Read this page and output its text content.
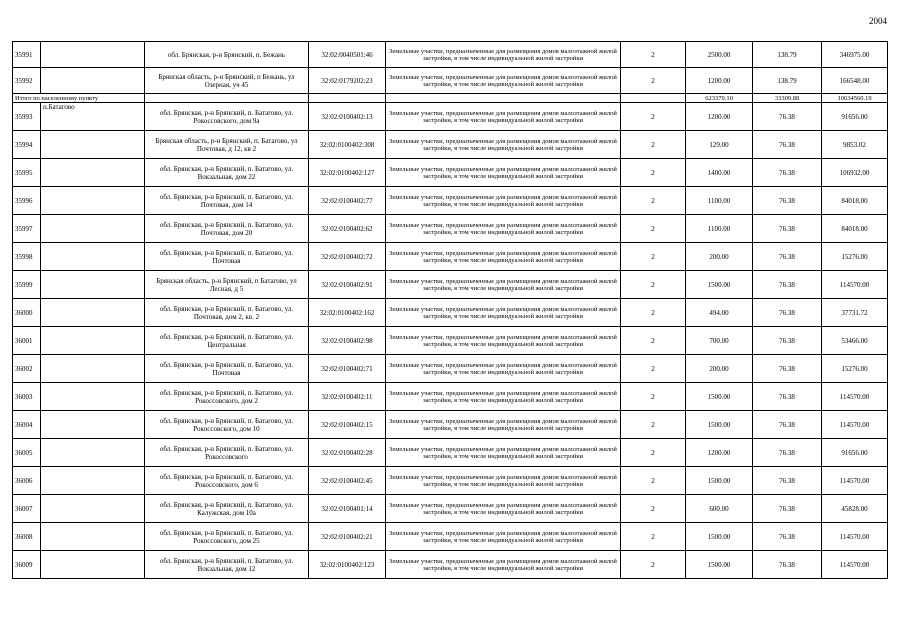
2004
35991		обл. Брянская, р-н Брянский, п. Бежань	32:02:0040501:46	Земельные участки, предназначенные для размещения домов малоэтажной жилой застройки, в том числе индивидуальной жилой застройки	2	2500.00	138.79	346975.00
35992		Брянская область, р-н Брянский, п Бежань, ул Озерная, уч 45	32:02:0179202:23	Земельные участки, предназначенные для размещения домов малоэтажной жилой застройки, в том числе индивидуальной жилой застройки	2	1200.00	138.79	166548.00
Итого по населенному пункту						623370.10	33309.88	10634560.19
35993	п.Батагово	обл. Брянская, р-н Брянский, п. Батагово, ул. Рокоссовского, дом 9а	32:02:0100402:13	Земельные участки, предназначенные для размещения домов малоэтажной жилой застройки, в том числе индивидуальной жилой застройки	2	1200.00	76.38	91656.00
35994		Брянская область, р-н Брянский, п. Батагово, ул Почтовая, д 12, кв 2	32:02:0100402:308	Земельные участки, предназначенные для размещения домов малоэтажной жилой застройки, в том числе индивидуальной жилой застройки	2	129.00	76.38	9853.02
35995		обл. Брянская, р-н Брянский, п. Батагово, ул. Вокзальная, дом 22	32:02:0100402:127	Земельные участки, предназначенные для размещения домов малоэтажной жилой застройки, в том числе индивидуальной жилой застройки	2	1400.00	76.38	106932.00
35996		обл. Брянская, р-н Брянский, п. Батагово, ул. Почтовая, дом 14	32:02:0100402:77	Земельные участки, предназначенные для размещения домов малоэтажной жилой застройки, в том числе индивидуальной жилой застройки	2	1100.00	76.38	84018.00
35997		обл. Брянская, р-н Брянский, п. Батагово, ул. Почтовая, дом 20	32:02:0100402:62	Земельные участки, предназначенные для размещения домов малоэтажной жилой застройки, в том числе индивидуальной жилой застройки	2	1100.00	76.38	84018.00
35998		обл. Брянская, р-н Брянский, п. Батагово, ул. Почтовая	32:02:0100402:72	Земельные участки, предназначенные для размещения домов малоэтажной жилой застройки, в том числе индивидуальной жилой застройки	2	200.00	76.38	15276.00
35999		Брянская область, р-н Брянский, п Батагово, ул Лесная, д 5	32:02:0100402:91	Земельные участки, предназначенные для размещения домов малоэтажной жилой застройки, в том числе индивидуальной жилой застройки	2	1500.00	76.38	114570.00
36000		обл. Брянская, р-н Брянский, п. Батагово, ул. Почтовая, дом 2, кв. 2	32:02:0100402:162	Земельные участки, предназначенные для размещения домов малоэтажной жилой застройки, в том числе индивидуальной жилой застройки	2	494.00	76.38	37731.72
36001		обл. Брянская, р-н Брянский, п. Батагово, ул. Центральная	32:02:0100402:98	Земельные участки, предназначенные для размещения домов малоэтажной жилой застройки, в том числе индивидуальной жилой застройки	2	700.00	76.38	53466.00
36002		обл. Брянская, р-н Брянский, п. Батагово, ул. Почтовая	32:02:0100402:71	Земельные участки, предназначенные для размещения домов малоэтажной жилой застройки, в том числе индивидуальной жилой застройки	2	200.00	76.38	15276.00
36003		обл. Брянская, р-н Брянский, п. Батагово, ул. Рокоссовского, дом 2	32:02:0100402:11	Земельные участки, предназначенные для размещения домов малоэтажной жилой застройки, в том числе индивидуальной жилой застройки	2	1500.00	76.38	114570.00
36004		обл. Брянская, р-н Брянский, п. Батагово, ул. Рокоссовского, дом 10	32:02:0100402:15	Земельные участки, предназначенные для размещения домов малоэтажной жилой застройки, в том числе индивидуальной жилой застройки	2	1500.00	76.38	114570.00
36005		обл. Брянская, р-н Брянский, п. Батагово, ул. Рокоссовского	32:02:0100402:28	Земельные участки, предназначенные для размещения домов малоэтажной жилой застройки, в том числе индивидуальной жилой застройки	2	1200.00	76.38	91656.00
36006		обл. Брянская, р-н Брянский, п. Батагово, ул. Рокоссовского, дом 6	32:02:0100402:45	Земельные участки, предназначенные для размещения домов малоэтажной жилой застройки, в том числе индивидуальной жилой застройки	2	1500.00	76.38	114570.00
36007		обл. Брянская, р-н Брянский, п. Батагово, ул. Калужская, дом 10а	32:02:0100401:14	Земельные участки, предназначенные для размещения домов малоэтажной жилой застройки, в том числе индивидуальной жилой застройки	2	600.00	76.38	45828.00
36008		обл. Брянская, р-н Брянский, п. Батагово, ул. Рокоссовского, дом 25	32:02:0100402:21	Земельные участки, предназначенные для размещения домов малоэтажной жилой застройки, в том числе индивидуальной жилой застройки	2	1500.00	76.38	114570.00
36009		обл. Брянская, р-н Брянский, п. Батагово, ул. Вокзальная, дом 12	32:02:0100402:123	Земельные участки, предназначенные для размещения домов малоэтажной жилой застройки, в том числе индивидуальной жилой застройки	2	1500.00	76.38	114570.00
